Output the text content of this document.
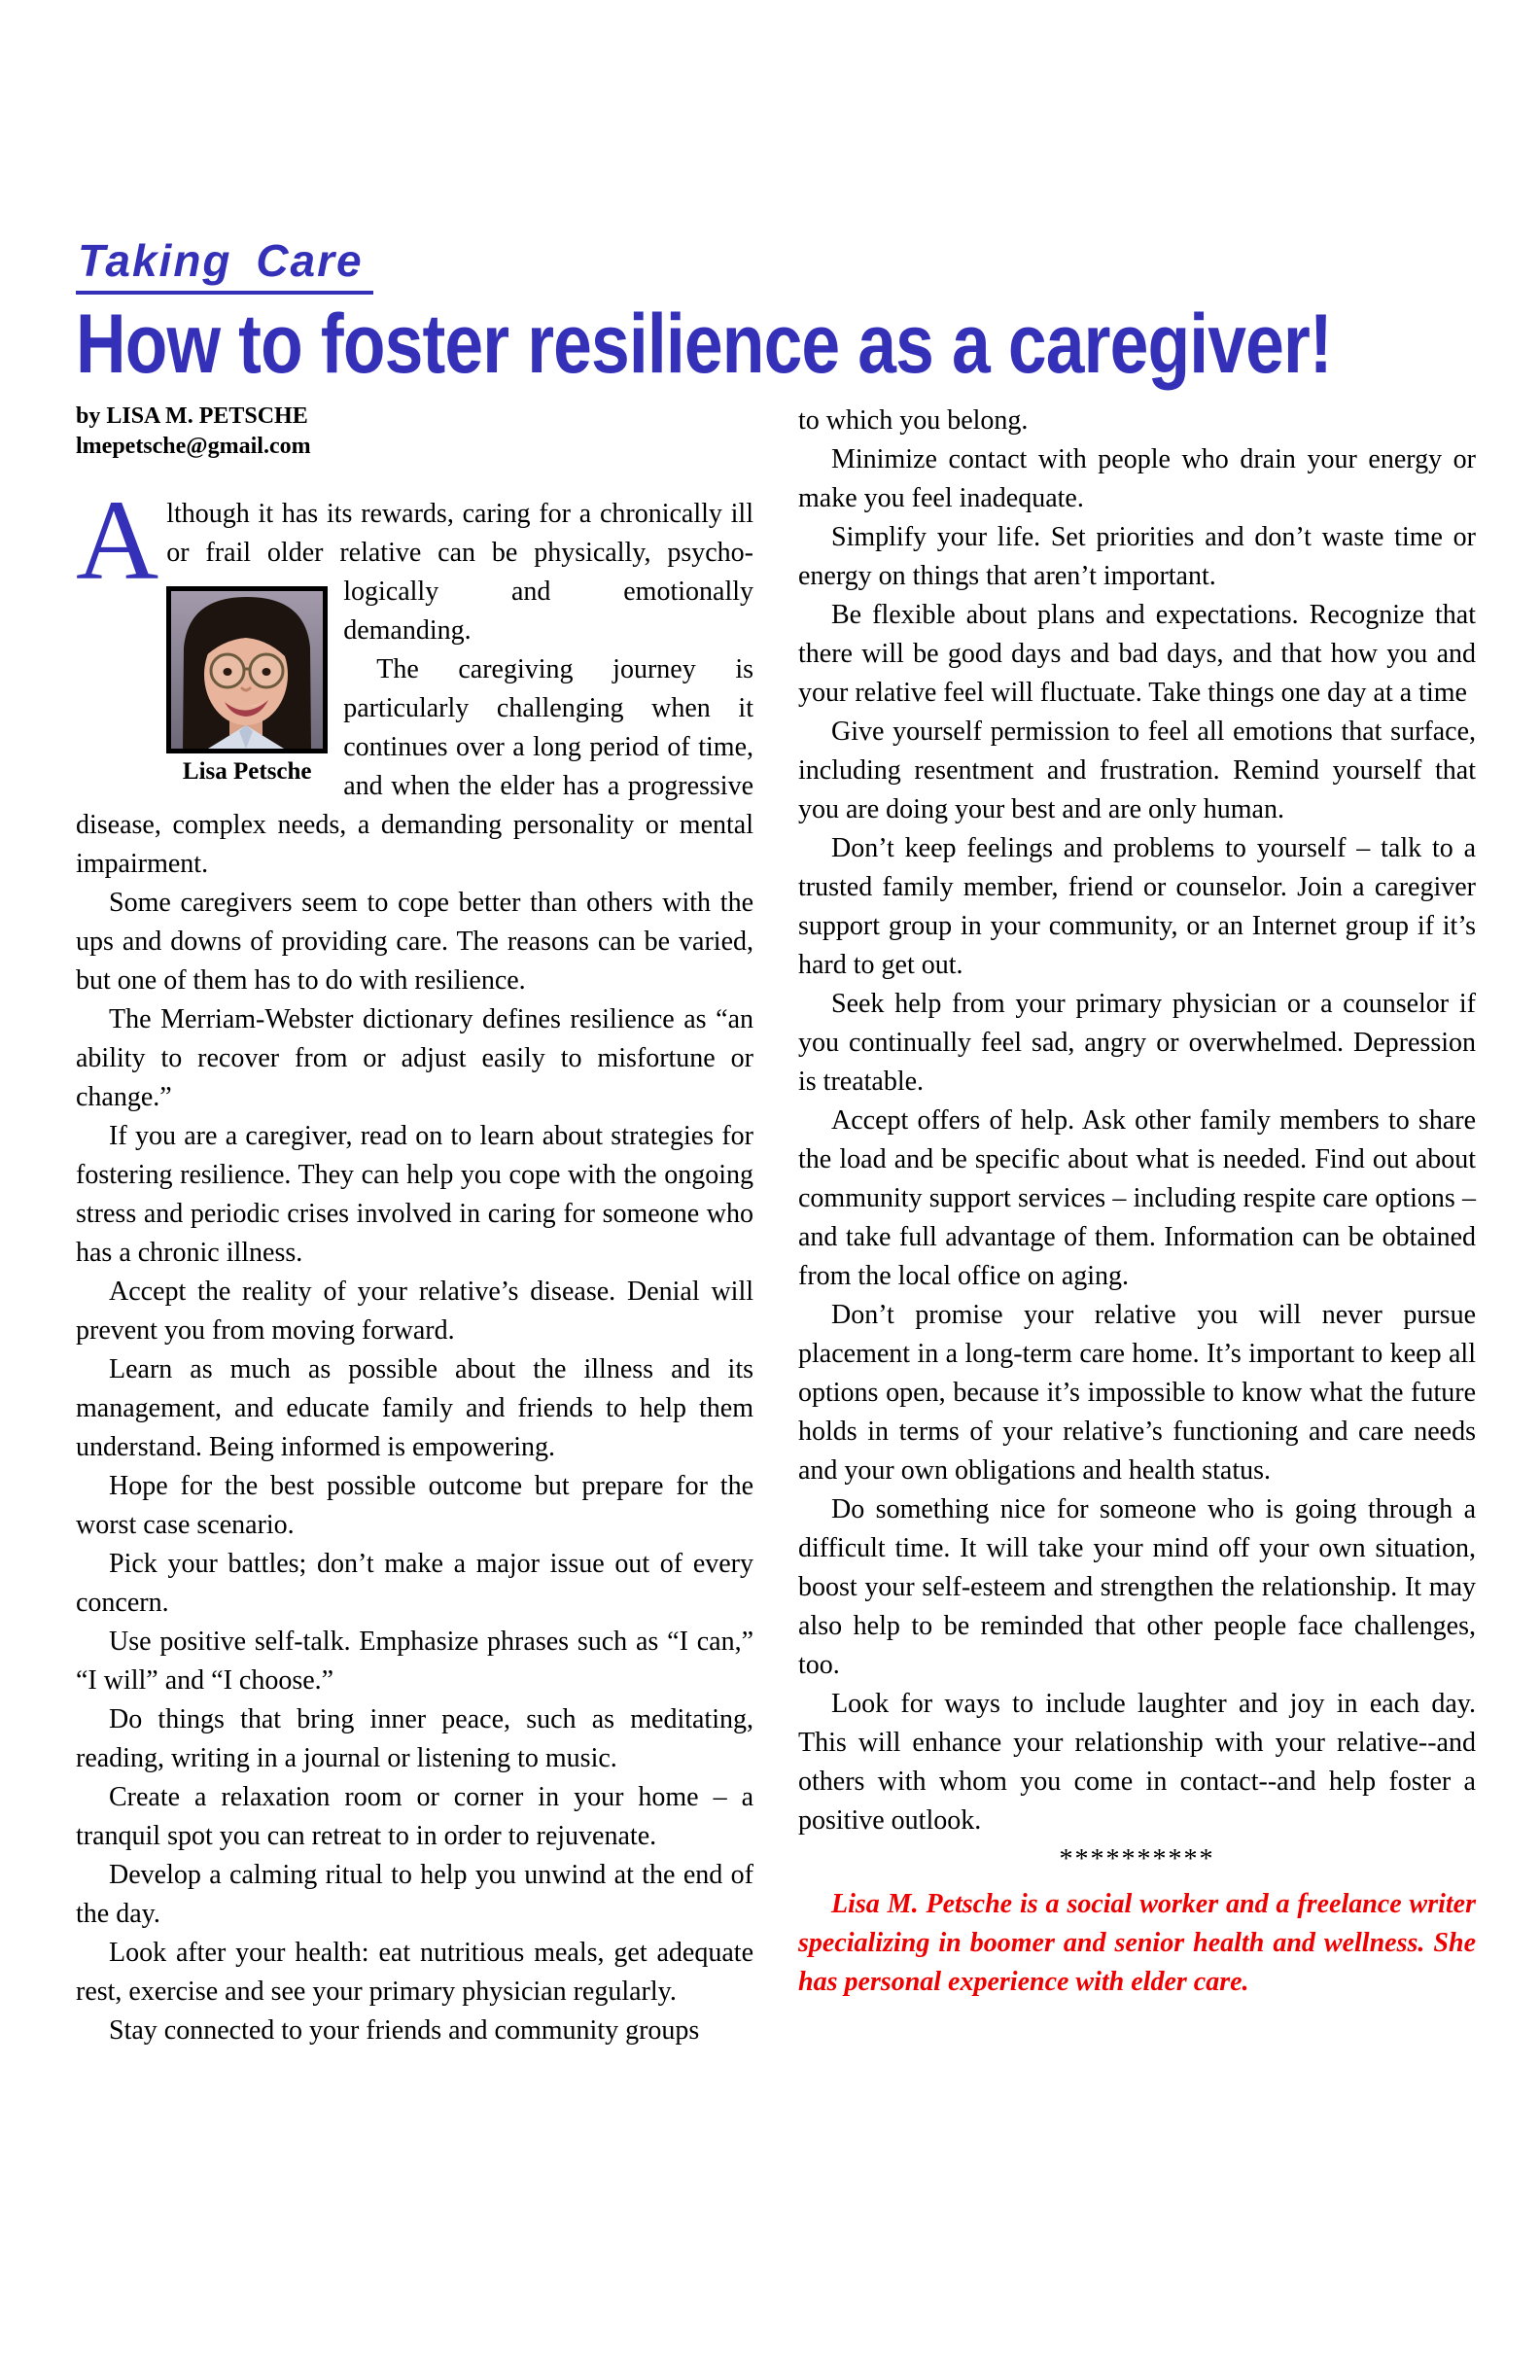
Taking Care
How to foster resilience as a caregiver!
by LISA M. PETSCHE
lmepetsche@gmail.com

Although it has its rewards, caring for a chronically ill or frail older relative can be physically, psycho-
Lisa Petsche
logically and emotionally demanding.

The caregiving journey is particularly challenging when it continues over a long period of time, and when the elder has a progressive disease, complex needs, a demanding personality or mental impairment.

Some caregivers seem to cope better than others with the ups and downs of providing care. The reasons can be varied, but one of them has to do with resilience.

The Merriam-Webster dictionary defines resilience as “an ability to recover from or adjust easily to misfortune or change.”

If you are a caregiver, read on to learn about strategies for fostering resilience. They can help you cope with the ongoing stress and periodic crises involved in caring for someone who has a chronic illness.

Accept the reality of your relative’s disease. Denial will prevent you from moving forward.

Learn as much as possible about the illness and its management, and educate family and friends to help them understand. Being informed is empowering.

Hope for the best possible outcome but prepare for the worst case scenario.

Pick your battles; don’t make a major issue out of every concern.

Use positive self-talk. Emphasize phrases such as “I can,” “I will” and “I choose.”

Do things that bring inner peace, such as meditating, reading, writing in a journal or listening to music.

Create a relaxation room or corner in your home – a tranquil spot you can retreat to in order to rejuvenate.

Develop a calming ritual to help you unwind at the end of the day.

Look after your health: eat nutritious meals, get adequate rest, exercise and see your primary physician regularly.

Stay connected to your friends and community groups

to which you belong.

Minimize contact with people who drain your energy or make you feel inadequate.

Simplify your life. Set priorities and don’t waste time or energy on things that aren’t important.

Be flexible about plans and expectations. Recognize that there will be good days and bad days, and that how you and your relative feel will fluctuate. Take things one day at a time

Give yourself permission to feel all emotions that surface, including resentment and frustration. Remind yourself that you are doing your best and are only human.

Don’t keep feelings and problems to yourself – talk to a trusted family member, friend or counselor. Join a caregiver support group in your community, or an Internet group if it’s hard to get out.

Seek help from your primary physician or a counselor if you continually feel sad, angry or overwhelmed. Depression is treatable.

Accept offers of help. Ask other family members to share the load and be specific about what is needed. Find out about community support services – including respite care options – and take full advantage of them. Information can be obtained from the local office on aging.

Don’t promise your relative you will never pursue placement in a long-term care home. It’s important to keep all options open, because it’s impossible to know what the future holds in terms of your relative’s functioning and care needs and your own obligations and health status.

Do something nice for someone who is going through a difficult time. It will take your mind off your own situation, boost your self-esteem and strengthen the relationship. It may also help to be reminded that other people face challenges, too.

Look for ways to include laughter and joy in each day. This will enhance your relationship with your relative--and others with whom you come in contact--and help foster a positive outlook.

**********

Lisa M. Petsche is a social worker and a freelance writer specializing in boomer and senior health and wellness. She has personal experience with elder care.
